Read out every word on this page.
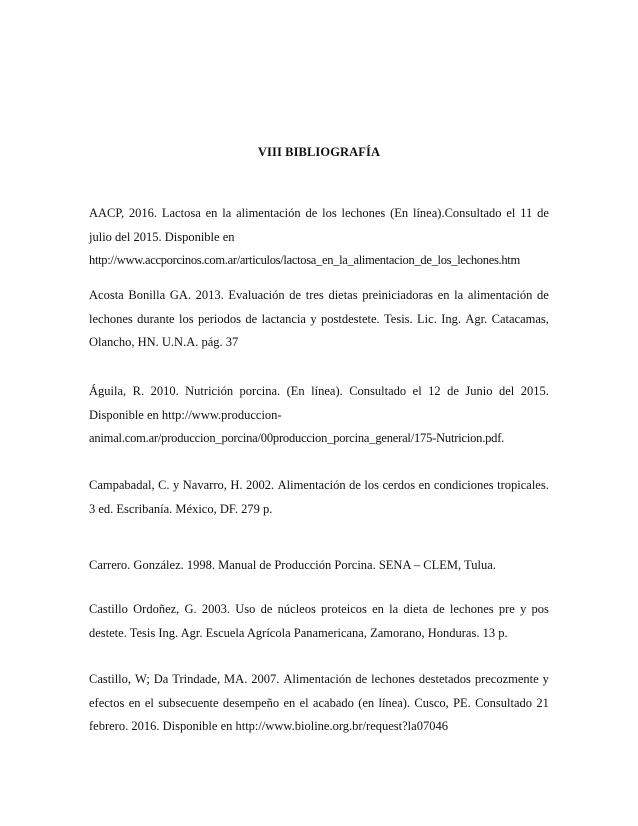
VIII BIBLIOGRAFÍA
AACP, 2016. Lactosa en la alimentación de los lechones (En línea).Consultado el 11 de
julio del 2015. Disponible en
http://www.accporcinos.com.ar/articulos/lactosa_en_la_alimentacion_de_los_lechones.htm
Acosta Bonilla GA. 2013. Evaluación de tres dietas preiniciadoras en la alimentación de
lechones durante los periodos de lactancia y postdestete. Tesis. Lic. Ing. Agr. Catacamas,
Olancho, HN. U.N.A. pág. 37
Águila, R. 2010. Nutrición porcina. (En línea). Consultado el 12 de Junio del 2015.
Disponible en http://www.produccion-
animal.com.ar/produccion_porcina/00produccion_porcina_general/175-Nutricion.pdf.
Campabadal, C. y Navarro, H. 2002. Alimentación de los cerdos en condiciones tropicales.
3 ed. Escribanía. México, DF. 279 p.
Carrero. González. 1998. Manual de Producción Porcina. SENA – CLEM, Tulua.
Castillo Ordoñez, G. 2003. Uso de núcleos proteicos en la dieta de lechones pre y pos
destete. Tesis Ing. Agr. Escuela Agrícola Panamericana, Zamorano, Honduras. 13 p.
Castillo, W; Da Trindade, MA. 2007. Alimentación de lechones destetados precozmente y
efectos en el subsecuente desempeño en el acabado (en línea). Cusco, PE. Consultado 21
febrero. 2016. Disponible en http://www.bioline.org.br/request?la07046
